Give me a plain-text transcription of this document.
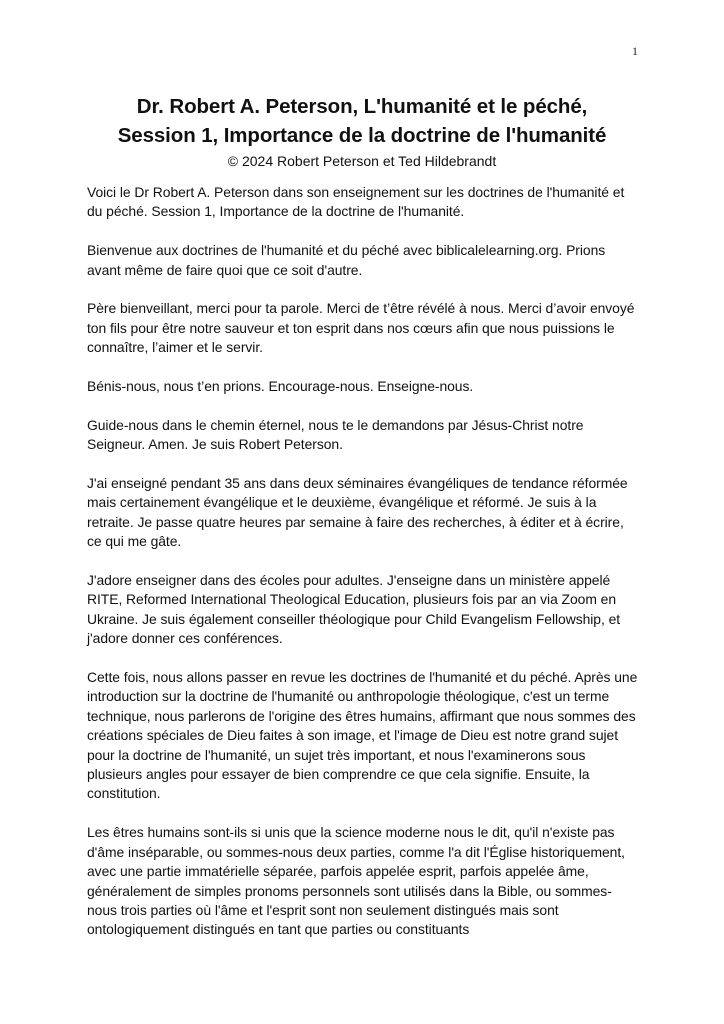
1
Dr. Robert A. Peterson, L'humanité et le péché,
Session 1, Importance de la doctrine de l'humanité
© 2024 Robert Peterson et Ted Hildebrandt

Voici le Dr Robert A. Peterson dans son enseignement sur les doctrines de l'humanité et du péché. Session 1, Importance de la doctrine de l'humanité.

Bienvenue aux doctrines de l'humanité et du péché avec biblicalelearning.org. Prions avant même de faire quoi que ce soit d'autre.

Père bienveillant, merci pour ta parole. Merci de t’être révélé à nous. Merci d’avoir envoyé ton fils pour être notre sauveur et ton esprit dans nos cœurs afin que nous puissions le connaître, l’aimer et le servir.

Bénis-nous, nous t’en prions. Encourage-nous. Enseigne-nous.

Guide-nous dans le chemin éternel, nous te le demandons par Jésus-Christ notre Seigneur. Amen. Je suis Robert Peterson.

J'ai enseigné pendant 35 ans dans deux séminaires évangéliques de tendance réformée mais certainement évangélique et le deuxième, évangélique et réformé. Je suis à la retraite. Je passe quatre heures par semaine à faire des recherches, à éditer et à écrire, ce qui me gâte.

J'adore enseigner dans des écoles pour adultes. J'enseigne dans un ministère appelé RITE, Reformed International Theological Education, plusieurs fois par an via Zoom en Ukraine. Je suis également conseiller théologique pour Child Evangelism Fellowship, et j'adore donner ces conférences.

Cette fois, nous allons passer en revue les doctrines de l'humanité et du péché. Après une introduction sur la doctrine de l'humanité ou anthropologie théologique, c'est un terme technique, nous parlerons de l'origine des êtres humains, affirmant que nous sommes des créations spéciales de Dieu faites à son image, et l'image de Dieu est notre grand sujet pour la doctrine de l'humanité, un sujet très important, et nous l'examinerons sous plusieurs angles pour essayer de bien comprendre ce que cela signifie. Ensuite, la constitution.

Les êtres humains sont-ils si unis que la science moderne nous le dit, qu'il n'existe pas d'âme inséparable, ou sommes-nous deux parties, comme l'a dit l'Église historiquement, avec une partie immatérielle séparée, parfois appelée esprit, parfois appelée âme, généralement de simples pronoms personnels sont utilisés dans la Bible, ou sommes-nous trois parties où l'âme et l'esprit sont non seulement distingués mais sont ontologiquement distingués en tant que parties ou constituants
